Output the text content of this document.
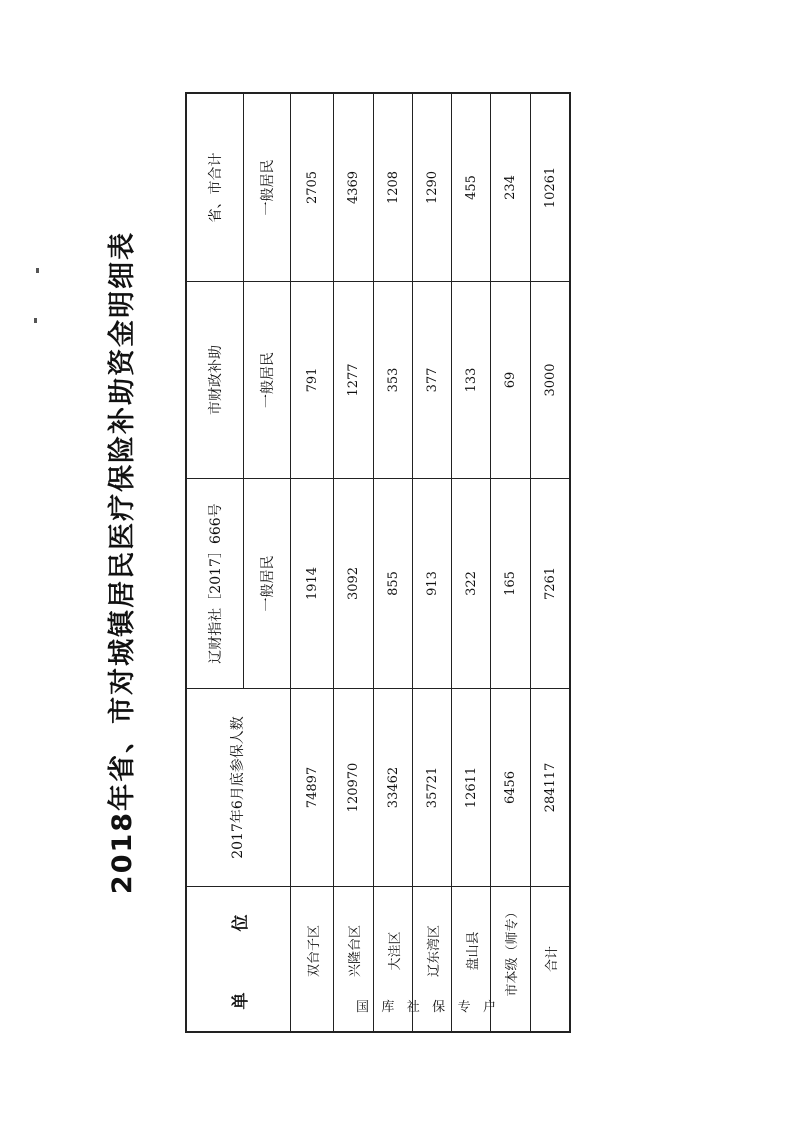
2018年省、市对城镇居民医疗保险补助资金明细表
单　位
2017年6月底参保人数
辽财指社［2017］666号
市财政补助
省、市合计
一般居民
一般居民
一般居民
双台子区
74897
1914
791
2705
兴隆台区
120970
3092
1277
4369
大洼区
33462
855
353
1208
辽东湾区
35721
913
377
1290
盘山县
12611
322
133
455
市本级（师专）
6456
165
69
234
合计
284117
7261
3000
10261
国 库 社 保 专 户
